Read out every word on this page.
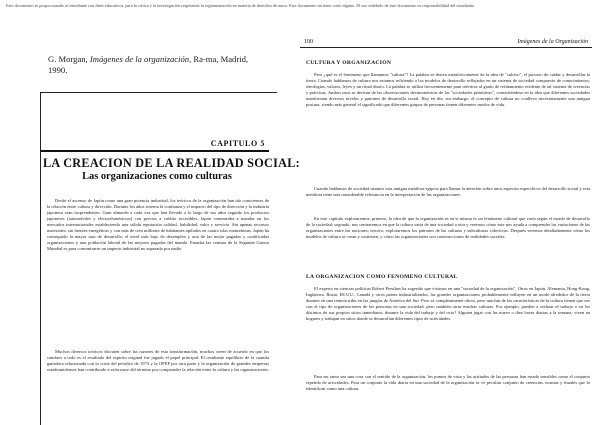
Este documento es proporcionado al estudiante con fines educativos, para la crítica y la investigación respetando la reglamentación en materia de derechos de autor. Este documento no tiene costo alguno. El uso indebido de este documento es responsabilidad del estudiante.
G. Morgan, Imágenes de la organización, Ra-ma, Madrid,
1990.
CAPITULO 5
LA CREACION DE LA REALIDAD SOCIAL:
Las organizaciones como culturas

Desde el ascenso de Japón como una gran potencia industrial, los teóricos de la organización han ido conscientes de la relación entre cultura y dirección. Durante los años sesenta la confianza y el impacto del tipo de dirección y la industria japonesa eran sorprendentes. Gran almacén a cada vez que han llevado a lo largo de sus años seguido los productos japoneses (automóviles y electrodomésticos) con precios a crédito accesibles. Japón comenzaba a mandar en los mercados internacionales estableciendo una sólida reputación calidad, fiabilidad, valor y servicio. Sin apenas recursos materiales, sin fuentes energéticas y con más de cien millones de habitantes apilados en cuatro islas montañosas, Japón ha conseguido la mayor tasa de desarrollo, el nivel más bajo de desempleo y una de las mejor pagadas y cualificadas organizaciones y una población laboral de las mejores pagadas del mundo. Pasadas las cenizas de la Segunda Guerra Mundial es para concentrarse un imperio industrial no superado por nadie.

Muchos diversos teóricos discuten sobre las razones de esta transformación, muchos creen de acuerdo en que los cambios a todo es el resultado del espíritu original fue jugado el papel principal. El resultante equilibrio de la cuantía ganadora relacionada con la crisis del petróleo de 1973 y la OPEP por otra parte y la organización de grandes empresas estadounidenses han contribuido a esforzarse del término por comprender la relación entre la cultura y las organizaciones.

100	Imágenes de la Organización
CULTURA Y ORGANIZACION

Pero ¿qué es el fenómeno que llamamos "cultura"? La palabra se deriva metafóricamente de la idea de "cultivo", el proceso de cuidar y desarrollar la tierra. Cuando hablamos de cultura nos estamos refiriendo a los modelos de desarrollo reflejados en un sistema de sociedad compuesto de conocimientos, ideologías, valores, leyes y un ritual diario. La palabra se utiliza frecuentemente para referirse al grado de refinamiento evidente de tal sistema de creencias y prácticas. Ambos usos se derivan de las observaciones decimonónicas de las "sociedades primitivas", convirtiéndose en la idea que diferentes sociedades manifiestan diversos niveles y patrones de desarrollo social. Hoy en día, sin embargo, el concepto de cultura no conlleva necesariamente una antigua postura, siendo más general el significado que diferentes grupos de personas tienen diferentes modos de vida.

Cuando hablamos de sociedad usamos esta antigua metáfora egipcia para llamar la atención sobre unos aspectos específicos del desarrollo social y esta metáfora tiene una considerable relevancia en la interpretación de las organizaciones.

En este capítulo exploraremos: primero, la idea de que la organización es en sí misma es un fenómeno cultural que varía según el estado de desarrollo de la sociedad; segundo, nos centraremos en que la cultura varía de una sociedad a otra y veremos cómo este nos ayuda a comprender las variaciones de las organizaciones entre las naciones; tercero, exploraremos los patrones de las culturas y subculturas colectivas. Después veremos detalladamente cómo los modelos de cultura se crean y sostienen, y cómo las organizaciones son construcciones de realidades sociales.

LA ORGANIZACION COMO FENOMENO CULTURAL

El experto en ciencias políticas Robert Presthus ha sugerido que vivimos en una "sociedad de la organización". Otros en Japón, Alemania, Hong-Kong, Inglaterra, Rusia, EE.UU., Canadá y otros países industrializados, las grandes organizaciones probablemente influyen en un modo alrededor de la tierra durante en una remota tribu en las junglas de América del Sur. Pero es completamente obvio, pero muchas de las características de la cultura tienen que ver con el tipo de organizaciones de las personas en una sociedad, pero también otras muchas culturas. Por ejemplo, pueden a realizar el trabajo o en los distintos de sus propios sitios inmediatos, durante la vida del trabajo y del ocio? Alguien jugar con las nueve o diez horas diarias a la semana, viven en hogares y trabajan en sitios donde se desarrollan diferentes tipos de actividades.

Para ser tanto sea una cosa con el sentido de la organización, los puntos de vista y las actitudes de las personas han estado sensibles como el conjunto repetido de actividades. Para un conjunto la vida diaria en una sociedad de la organización se ve peculiar conjunto de creencias, normas y rituales que lo identifican como una cultura.
